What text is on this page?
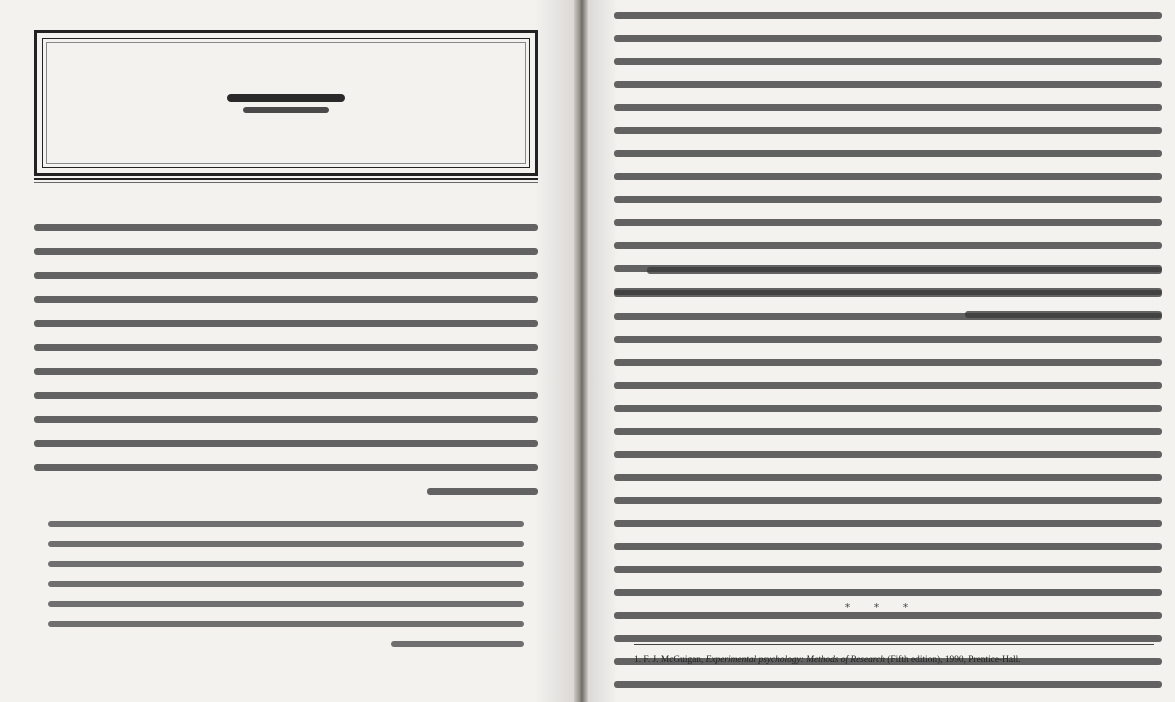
* * *
1. F. J. McGuigan, Experimental psychology: Methods of Research (Fifth edition), 1990, Prentice-Hall.
